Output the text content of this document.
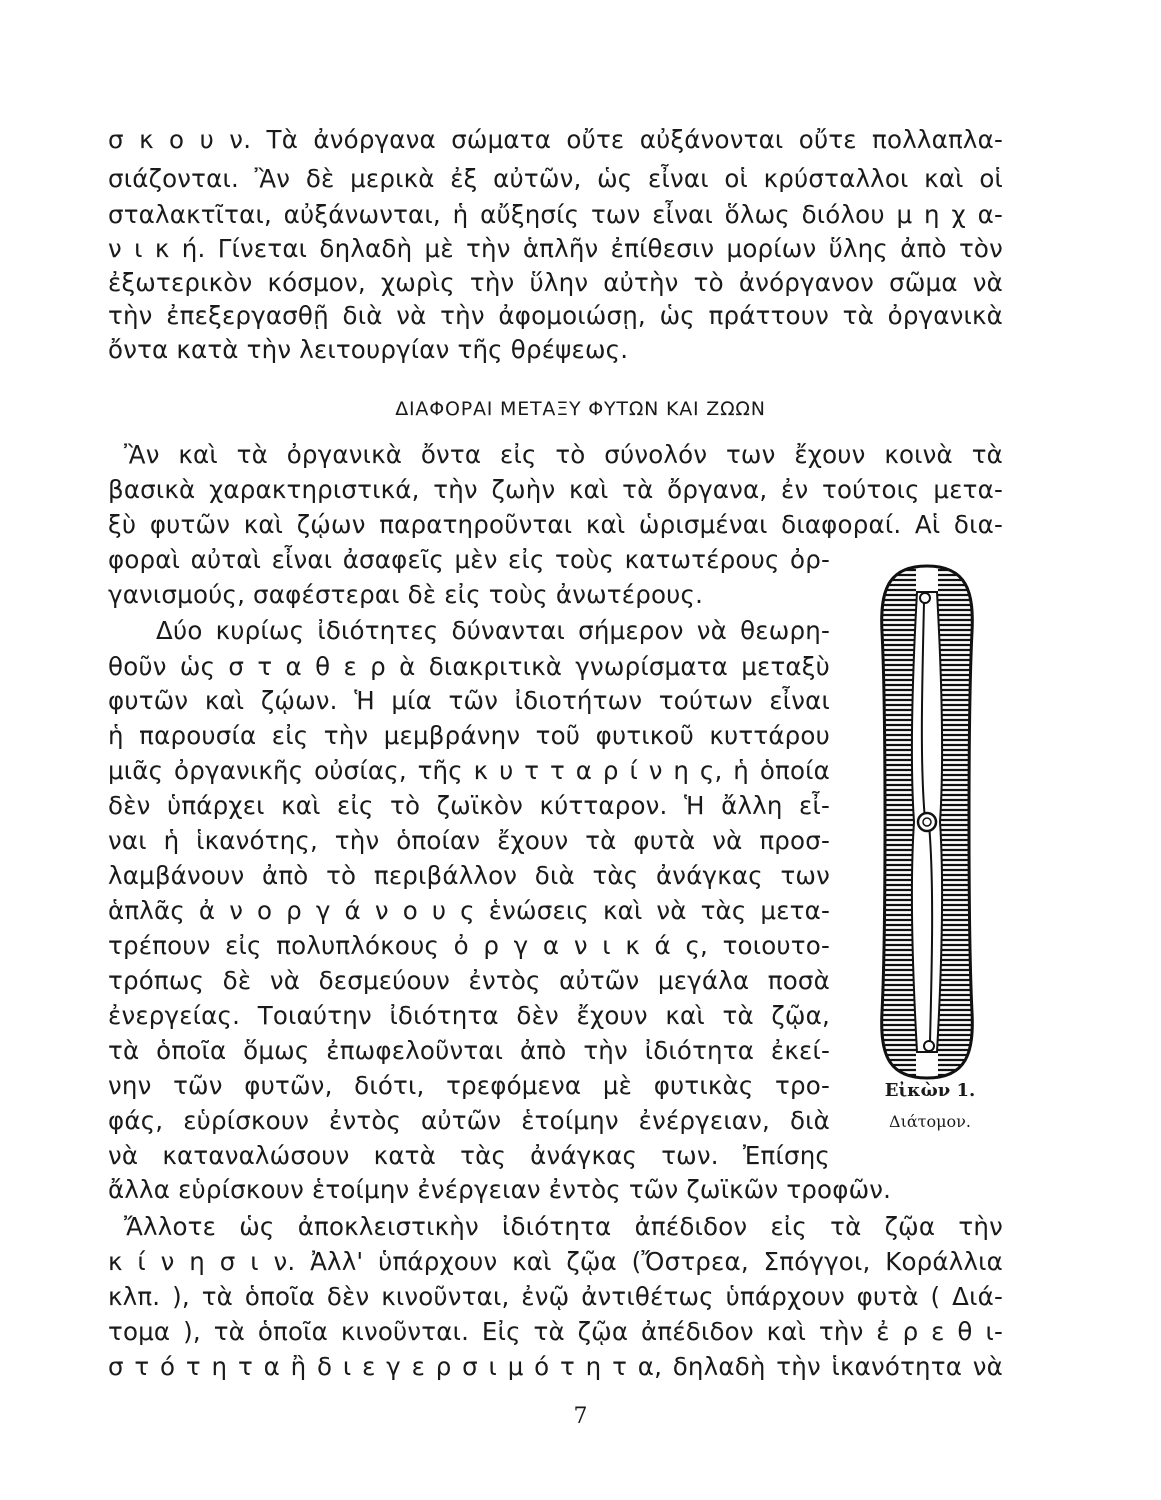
σ κ ο υ ν. Τὰ ἀνόργανα σώματα οὔτε αὐξάνονται οὔτε πολλαπλα-
σιάζονται. Ἂν δὲ μερικὰ ἐξ αὐτῶν, ὡς εἶναι οἱ κρύσταλλοι καὶ οἱ
σταλακτῖται, αὐξάνωνται, ἡ αὔξησίς των εἶναι ὅλως διόλου μ η χ α-
ν ι κ ή. Γίνεται δηλαδὴ μὲ τὴν ἁπλῆν ἐπίθεσιν μορίων ὕλης ἀπὸ τὸν
ἐξωτερικὸν κόσμον, χωρὶς τὴν ὕλην αὐτὴν τὸ ἀνόργανον σῶμα νὰ
τὴν ἐπεξεργασθῇ διὰ νὰ τὴν ἀφομοιώσῃ, ὡς πράττουν τὰ ὀργανικὰ
ὄντα κατὰ τὴν λειτουργίαν τῆς θρέψεως.
ΔΙΑΦΟΡΑΙ ΜΕΤΑΞΥ ΦΥΤΩΝ ΚΑΙ ΖΩΩΝ
Ἂν καὶ τὰ ὀργανικὰ ὄντα εἰς τὸ σύνολόν των ἔχουν κοινὰ τὰ
βασικὰ χαρακτηριστικά, τὴν ζωὴν καὶ τὰ ὄργανα, ἐν τούτοις μετα-
ξὺ φυτῶν καὶ ζῴων παρατηροῦνται καὶ ὡρισμέναι διαφοραί. Αἱ δια-
φοραὶ αὐταὶ εἶναι ἀσαφεῖς μὲν εἰς τοὺς κατωτέρους ὀρ-
γανισμούς, σαφέστεραι δὲ εἰς τοὺς ἀνωτέρους.
Δύο κυρίως ἰδιότητες δύνανται σήμερον νὰ θεωρη-
θοῦν ὡς σ τ α θ ε ρ ὰ διακριτικὰ γνωρίσματα μεταξὺ
φυτῶν καὶ ζῴων. Ἡ μία τῶν ἰδιοτήτων τούτων εἶναι
ἡ παρουσία εἰς τὴν μεμβράνην τοῦ φυτικοῦ κυττάρου
μιᾶς ὀργανικῆς οὐσίας, τῆς κ υ τ τ α ρ ί ν η ς, ἡ ὁποία
δὲν ὑπάρχει καὶ εἰς τὸ ζωϊκὸν κύτταρον. Ἡ ἄλλη εἶ-
ναι ἡ ἱκανότης, τὴν ὁποίαν ἔχουν τὰ φυτὰ νὰ προσ-
λαμβάνουν ἀπὸ τὸ περιβάλλον διὰ τὰς ἀνάγκας των
ἁπλᾶς ἀ ν ο ρ γ ά ν ο υ ς ἑνώσεις καὶ νὰ τὰς μετα-
τρέπουν εἰς πολυπλόκους ὀ ρ γ α ν ι κ ά ς, τοιουτο-
τρόπως δὲ νὰ δεσμεύουν ἐντὸς αὐτῶν μεγάλα ποσὰ
ἐνεργείας. Τοιαύτην ἰδιότητα δὲν ἔχουν καὶ τὰ ζῷα,
τὰ ὁποῖα ὅμως ἐπωφελοῦνται ἀπὸ τὴν ἰδιότητα ἐκεί-
νην τῶν φυτῶν, διότι, τρεφόμενα μὲ φυτικὰς τρο-
φάς, εὑρίσκουν ἐντὸς αὐτῶν ἑτοίμην ἐνέργειαν, διὰ
νὰ καταναλώσουν κατὰ τὰς ἀνάγκας των. Ἐπίσης
ἄλλα εὑρίσκουν ἑτοίμην ἐνέργειαν ἐντὸς τῶν ζωϊκῶν τροφῶν.
Ἄλλοτε ὡς ἀποκλειστικὴν ἰδιότητα ἀπέδιδον εἰς τὰ ζῷα τὴν
κ ί ν η σ ι ν. Ἀλλ' ὑπάρχουν καὶ ζῷα (Ὄστρεα, Σπόγγοι, Κοράλλια
κλπ. ), τὰ ὁποῖα δὲν κινοῦνται, ἐνῷ ἀντιθέτως ὑπάρχουν φυτὰ ( Διά-
τομα ), τὰ ὁποῖα κινοῦνται. Εἰς τὰ ζῷα ἀπέδιδον καὶ τὴν ἐ ρ ε θ ι-
σ τ ό τ η τ α ἢ δ ι ε γ ε ρ σ ι μ ό τ η τ α, δηλαδὴ τὴν ἱκανότητα νὰ
Εἰκὼν 1.
Διάτομον.
7
